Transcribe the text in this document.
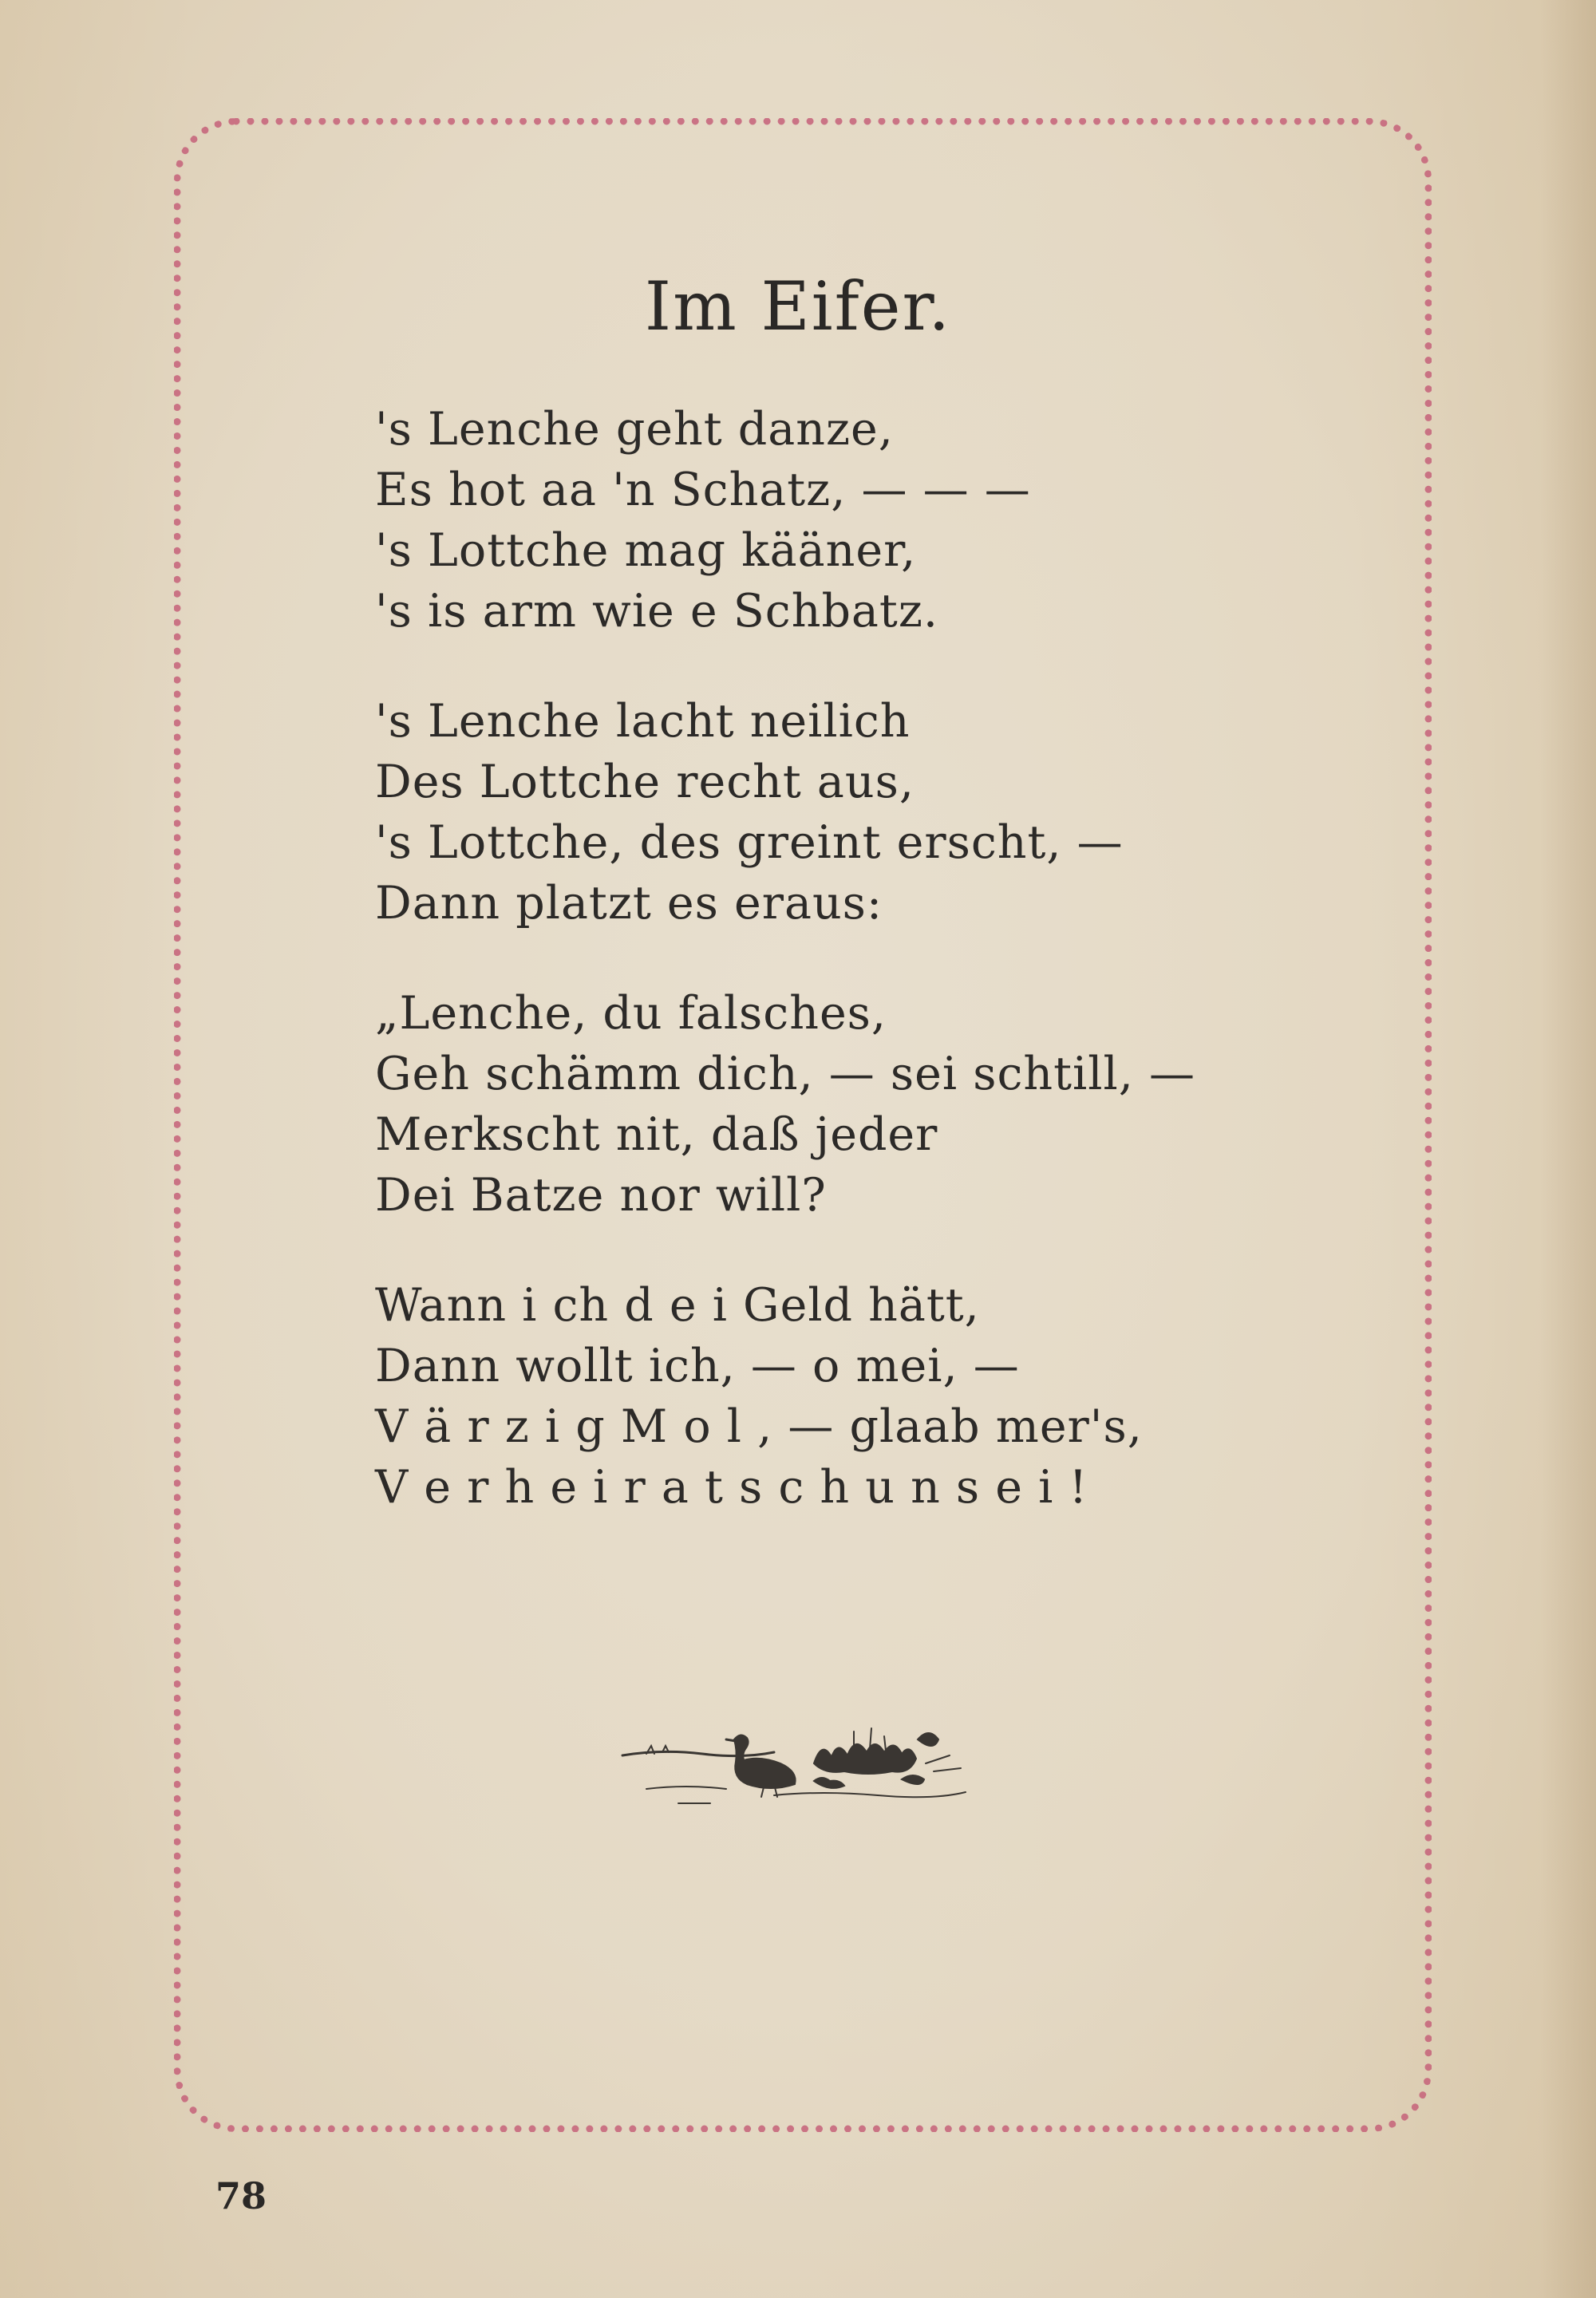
Im Eifer.
's Lenche geht danze,
Es hot aa 'n Schatz, — — —
's Lottche mag kääner,
's is arm wie e Schbatz.
's Lenche lacht neilich
Des Lottche recht aus,
's Lottche, des greint erscht, —
Dann platzt es eraus:
„Lenche, du falsches,
Geh schämm dich, — sei schtill, —
Merkscht nit, daß jeder
Dei Batze nor will?
Wann i ch d e i Geld hätt,
Dann wollt ich, — o mei, —
V ä r z i g M o l , — glaab mer's,
V e r h e i r a t s c h u n s e i !
78
